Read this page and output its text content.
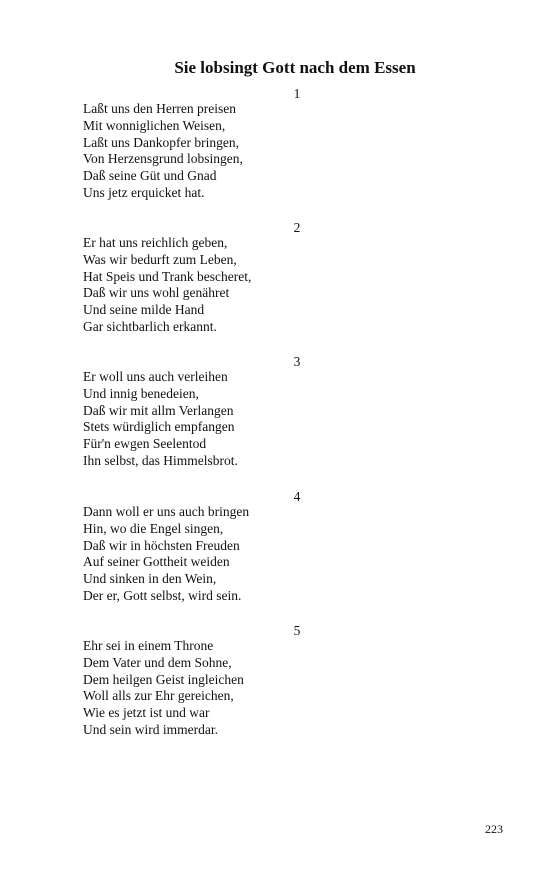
Sie lobsingt Gott nach dem Essen
1
Laßt uns den Herren preisen
Mit wonniglichen Weisen,
Laßt uns Dankopfer bringen,
Von Herzensgrund lobsingen,
Daß seine Güt und Gnad
Uns jetz erquicket hat.
2
Er hat uns reichlich geben,
Was wir bedurft zum Leben,
Hat Speis und Trank bescheret,
Daß wir uns wohl genähret
Und seine milde Hand
Gar sichtbarlich erkannt.
3
Er woll uns auch verleihen
Und innig benedeien,
Daß wir mit allm Verlangen
Stets würdiglich empfangen
Für'n ewgen Seelentod
Ihn selbst, das Himmelsbrot.
4
Dann woll er uns auch bringen
Hin, wo die Engel singen,
Daß wir in höchsten Freuden
Auf seiner Gottheit weiden
Und sinken in den Wein,
Der er, Gott selbst, wird sein.
5
Ehr sei in einem Throne
Dem Vater und dem Sohne,
Dem heilgen Geist ingleichen
Woll alls zur Ehr gereichen,
Wie es jetzt ist und war
Und sein wird immerdar.
223
